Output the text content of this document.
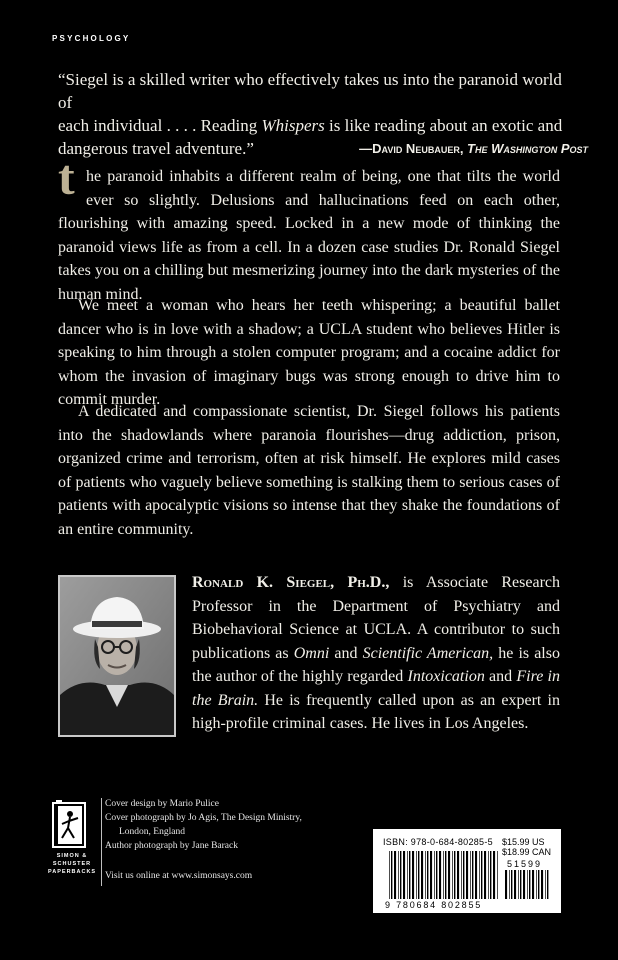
PSYCHOLOGY
“Siegel is a skilled writer who effectively takes us into the paranoid world of
each individual . . . . Reading Whispers is like reading about an exotic and
dangerous travel adventure.”	—David Neubauer, The Washington Post

the paranoid inhabits a different realm of being, one that tilts the world ever so slightly. Delusions and hallucinations feed on each other, flourishing with amazing speed. Locked in a new mode of thinking the paranoid views life as from a cell. In a dozen case studies Dr. Ronald Siegel takes you on a chilling but mesmerizing journey into the dark mysteries of the human mind.

We meet a woman who hears her teeth whispering; a beautiful ballet dancer who is in love with a shadow; a UCLA student who believes Hitler is speaking to him through a stolen computer program; and a cocaine addict for whom the invasion of imaginary bugs was strong enough to drive him to commit murder.

A dedicated and compassionate scientist, Dr. Siegel follows his patients into the shadowlands where paranoia flourishes—drug addiction, prison, organized crime and terrorism, often at risk himself. He explores mild cases of patients who vaguely believe something is stalking them to serious cases of patients with apocalyptic visions so intense that they shake the foundations of an entire community.

Ronald K. Siegel, Ph.D., is Associate Research Professor in the Department of Psychiatry and Biobehavioral Science at UCLA. A contributor to such publications as Omni and Scientific American, he is also the author of the highly regarded Intoxication and Fire in the Brain. He is frequently called upon as an expert in high-profile criminal cases. He lives in Los Angeles.

SIMON & SCHUSTER PAPERBACKS
Cover design by Mario Pulice
Cover photograph by Jo Agis, The Design Ministry,
London, England
Author photograph by Jane Barack
Visit us online at www.simonsays.com
ISBN: 978-0-684-80285-5 $15.99 US
$18.99 CAN
51599
9 780684 802855
